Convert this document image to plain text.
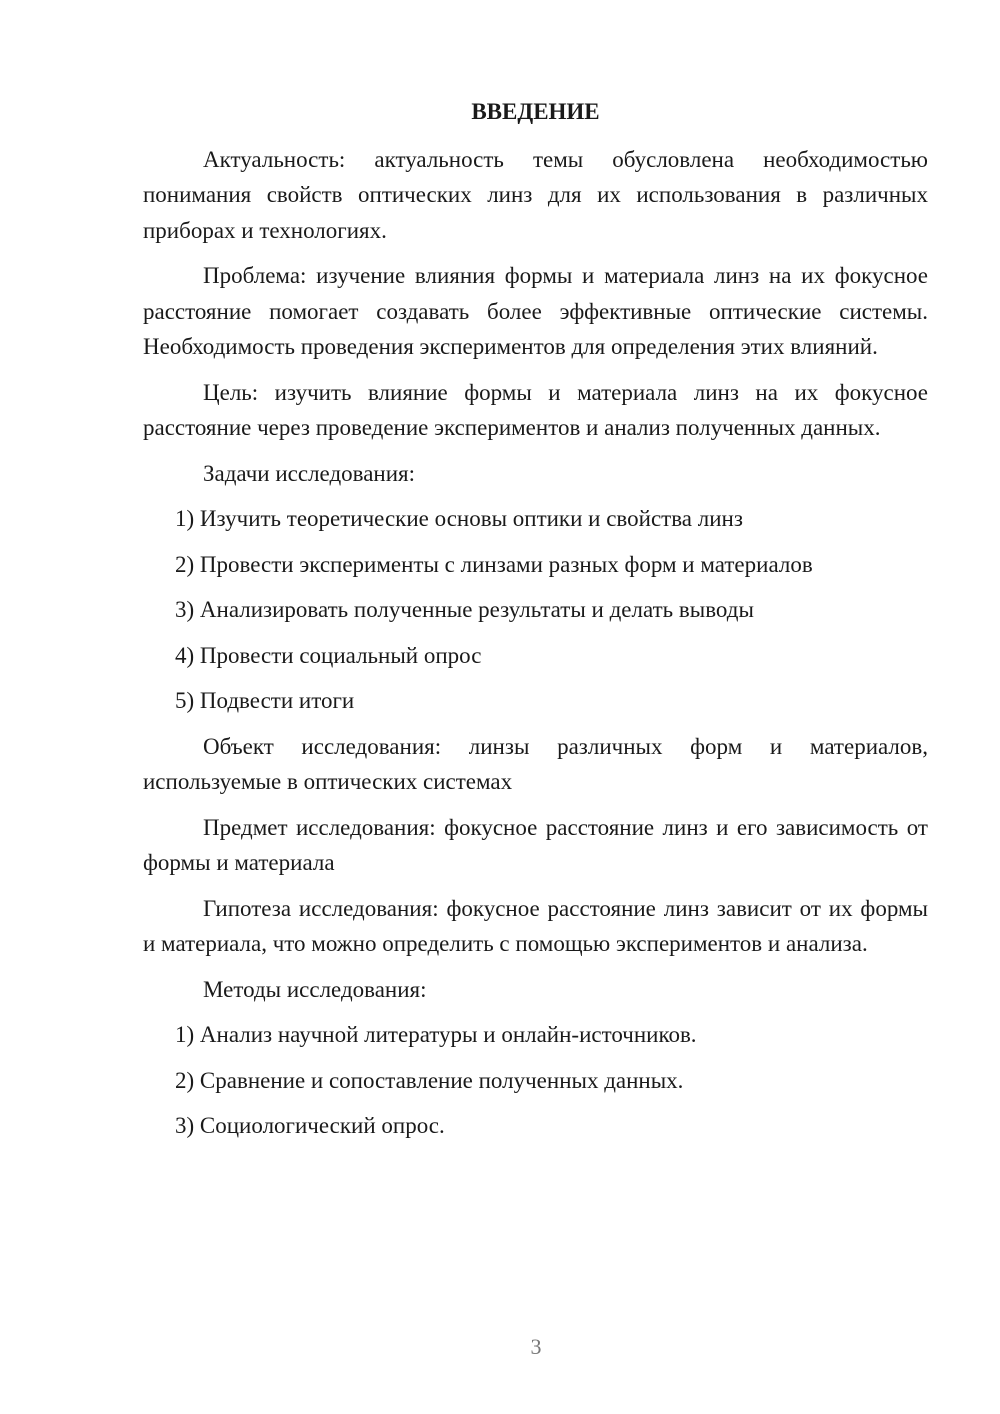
ВВЕДЕНИЕ

Актуальность: актуальность темы обусловлена необходимостью понимания свойств оптических линз для их использования в различных приборах и технологиях.

Проблема: изучение влияния формы и материала линз на их фокусное расстояние помогает создавать более эффективные оптические системы. Необходимость проведения экспериментов для определения этих влияний.

Цель: изучить влияние формы и материала линз на их фокусное расстояние через проведение экспериментов и анализ полученных данных.

Задачи исследования:

1) Изучить теоретические основы оптики и свойства линз

2) Провести эксперименты с линзами разных форм и материалов

3) Анализировать полученные результаты и делать выводы

4) Провести социальный опрос

5) Подвести итоги

Объект исследования: линзы различных форм и материалов, используемые в оптических системах

Предмет исследования: фокусное расстояние линз и его зависимость от формы и материала

Гипотеза исследования: фокусное расстояние линз зависит от их формы и материала, что можно определить с помощью экспериментов и анализа.

Методы исследования:

1) Анализ научной литературы и онлайн-источников.

2) Сравнение и сопоставление полученных данных.

3) Социологический опрос.

3
